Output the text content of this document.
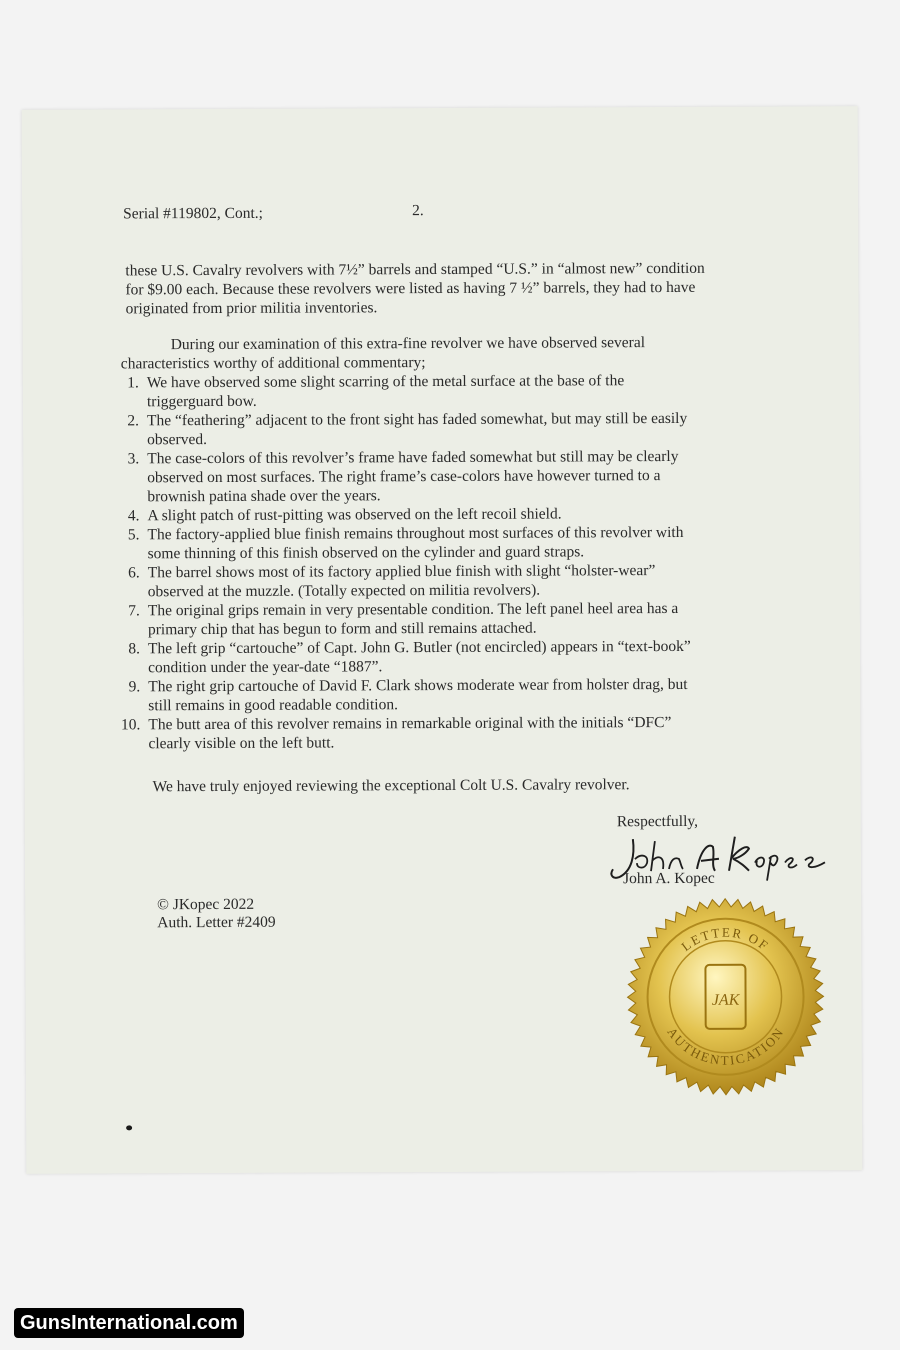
Serial #119802, Cont.;	2.
these U.S. Cavalry revolvers with 7½” barrels and stamped “U.S.” in “almost new” condition
for $9.00 each. Because these revolvers were listed as having 7 ½” barrels, they had to have
originated from prior militia inventories.
During our examination of this extra-fine revolver we have observed several
characteristics worthy of additional commentary;
1. We have observed some slight scarring of the metal surface at the base of the
triggerguard bow.
2. The “feathering” adjacent to the front sight has faded somewhat, but may still be easily
observed.
3. The case-colors of this revolver’s frame have faded somewhat but still may be clearly
observed on most surfaces. The right frame’s case-colors have however turned to a
brownish patina shade over the years.
4. A slight patch of rust-pitting was observed on the left recoil shield.
5. The factory-applied blue finish remains throughout most surfaces of this revolver with
some thinning of this finish observed on the cylinder and guard straps.
6. The barrel shows most of its factory applied blue finish with slight “holster-wear”
observed at the muzzle. (Totally expected on militia revolvers).
7. The original grips remain in very presentable condition. The left panel heel area has a
primary chip that has begun to form and still remains attached.
8. The left grip “cartouche” of Capt. John G. Butler (not encircled) appears in “text-book”
condition under the year-date “1887”.
9. The right grip cartouche of David F. Clark shows moderate wear from holster drag, but
still remains in good readable condition.
10. The butt area of this revolver remains in remarkable original with the initials “DFC”
clearly visible on the left butt.
We have truly enjoyed reviewing the exceptional Colt U.S. Cavalry revolver.
Respectfully,
John A. Kopec
© JKopec 2022
Auth. Letter #2409
JAK
LETTER OF
AUTHENTICATION
GunsInternational.com
